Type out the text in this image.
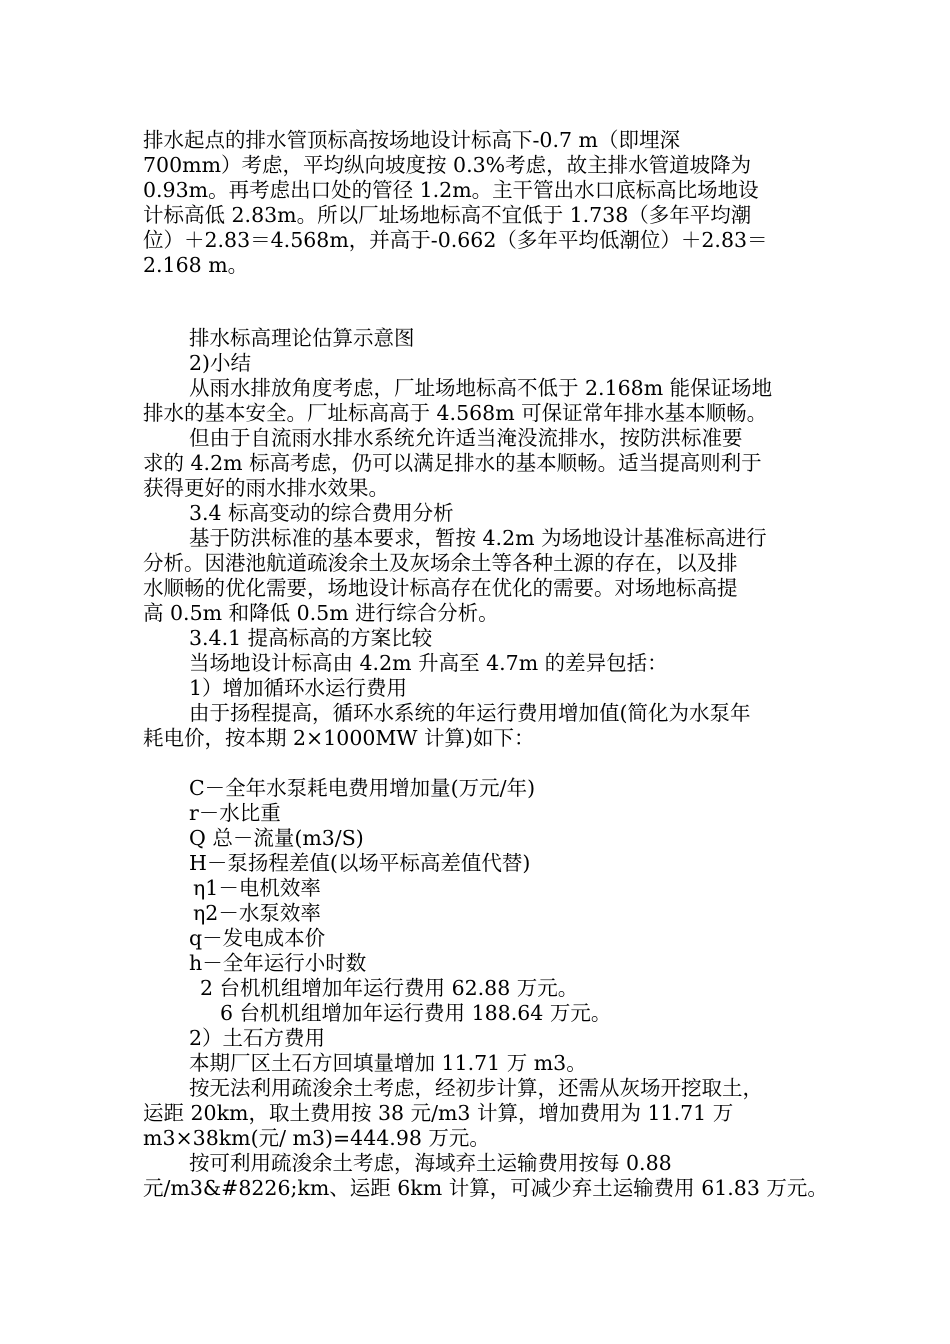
排水起点的排水管顶标高按场地设计标高下-0.7 m（即埋深
700mm）考虑，平均纵向坡度按 0.3%考虑，故主排水管道坡降为
0.93m。再考虑出口处的管径 1.2m。主干管出水口底标高比场地设
计标高低 2.83m。所以厂址场地标高不宜低于 1.738（多年平均潮
位）＋2.83＝4.568m，并高于-0.662（多年平均低潮位）＋2.83＝
2.168 m。
排水标高理论估算示意图
2)小结
从雨水排放角度考虑，厂址场地标高不低于 2.168m 能保证场地
排水的基本安全。厂址标高高于 4.568m 可保证常年排水基本顺畅。
但由于自流雨水排水系统允许适当淹没流排水，按防洪标准要
求的 4.2m 标高考虑，仍可以满足排水的基本顺畅。适当提高则利于
获得更好的雨水排水效果。
3.4 标高变动的综合费用分析
基于防洪标准的基本要求，暂按 4.2m 为场地设计基准标高进行
分析。因港池航道疏浚余土及灰场余土等各种土源的存在，以及排
水顺畅的优化需要，场地设计标高存在优化的需要。对场地标高提
高 0.5m 和降低 0.5m 进行综合分析。
3.4.1 提高标高的方案比较
当场地设计标高由 4.2m 升高至 4.7m 的差异包括：
1）增加循环水运行费用
由于扬程提高，循环水系统的年运行费用增加值(简化为水泵年
耗电价，按本期 2×1000MW 计算)如下：
C－全年水泵耗电费用增加量(万元/年)
r－水比重
Q 总－流量(m3/S)
H－泵扬程差值(以场平标高差值代替)
η1－电机效率
η2－水泵效率
q－发电成本价
h－全年运行小时数
2 台机机组增加年运行费用 62.88 万元。
6 台机机组增加年运行费用 188.64 万元。
2）土石方费用
本期厂区土石方回填量增加 11.71 万 m3。
按无法利用疏浚余土考虑，经初步计算，还需从灰场开挖取土，
运距 20km，取土费用按 38 元/m3 计算，增加费用为 11.71 万
m3×38km(元/ m3)=444.98 万元。
按可利用疏浚余土考虑，海域弃土运输费用按每 0.88
元/m3&#8226;km、运距 6km 计算，可减少弃土运输费用 61.83 万元。
